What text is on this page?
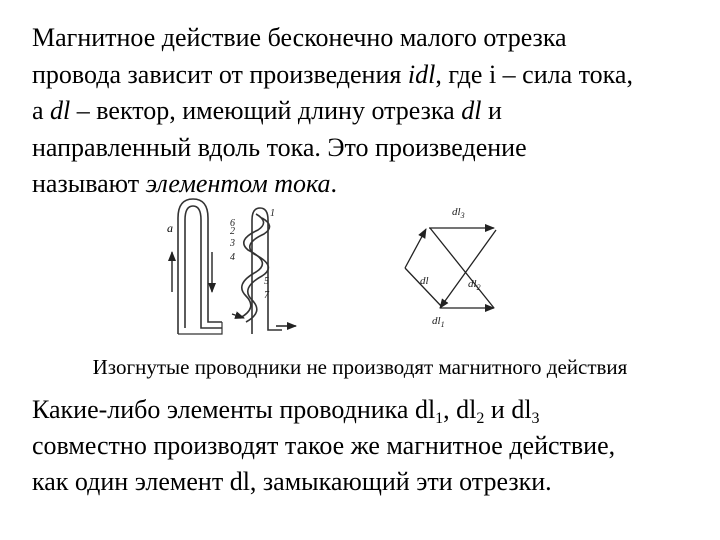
Магнитное действие бесконечно малого отрезка
провода зависит от произведения idl, где i – сила тока,
а dl – вектор, имеющий длину отрезка dl и
направленный вдоль тока. Это произведение
называют элементом тока.
a
1
2
3
4
5
6
7
$dl_3$
dl	$dl_2$
$dl_1$
Изогнутые проводники не производят магнитного действия
Какие-либо элементы проводника $dl_1$, $dl_2$ и $dl_3$
совместно производят такое же магнитное действие,
как один элемент dl, замыкающий эти отрезки.
